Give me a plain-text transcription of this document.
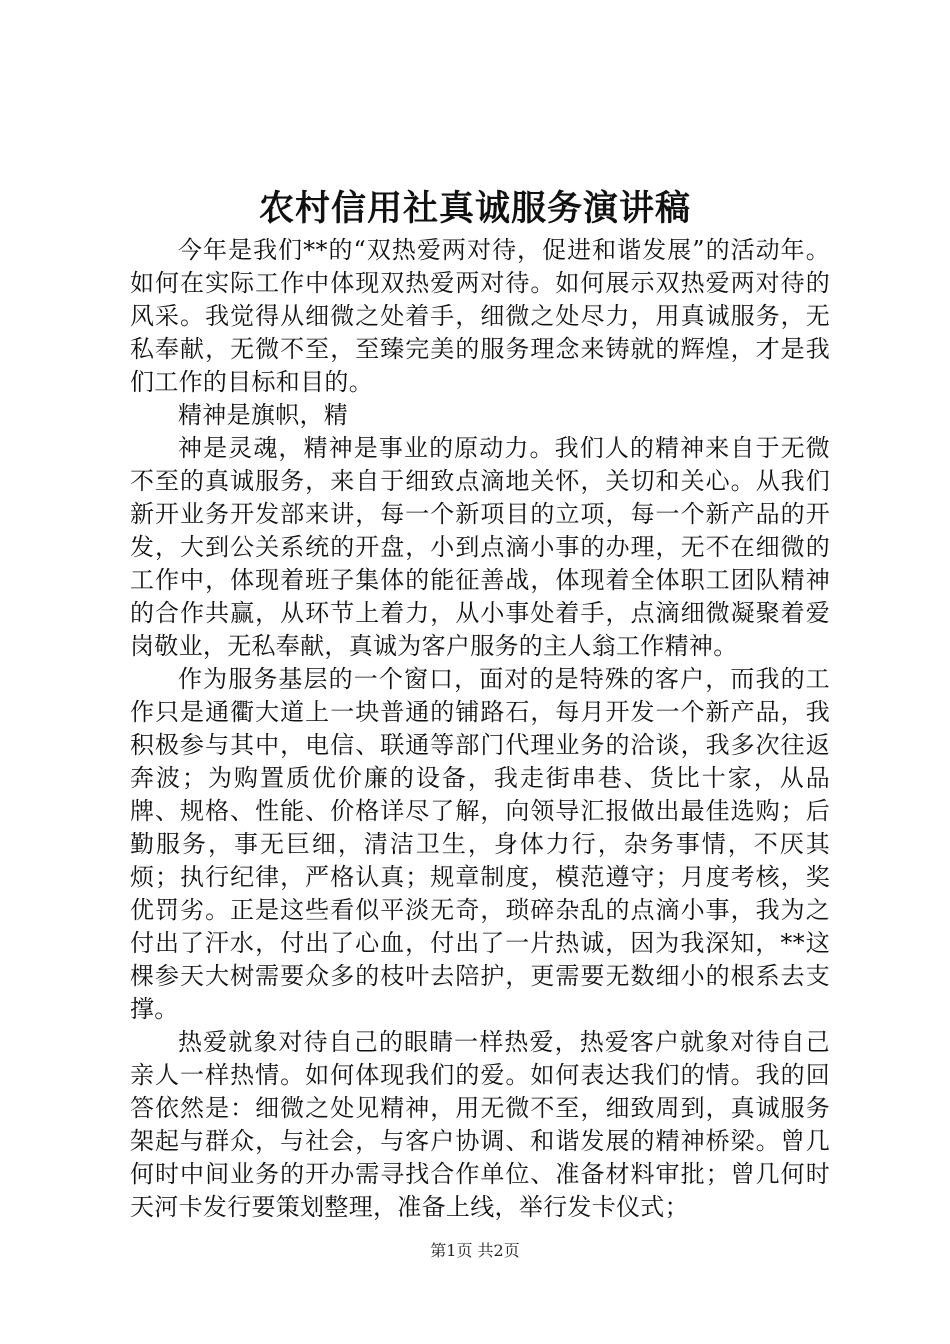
农村信用社真诚服务演讲稿

今年是我们**的“双热爱两对待，促进和谐发展”的活动年。如何在实际工作中体现双热爱两对待。如何展示双热爱两对待的风采。我觉得从细微之处着手，细微之处尽力，用真诚服务，无私奉献，无微不至，至臻完美的服务理念来铸就的辉煌，才是我们工作的目标和目的。

精神是旗帜，精

神是灵魂，精神是事业的原动力。我们人的精神来自于无微不至的真诚服务，来自于细致点滴地关怀，关切和关心。从我们新开业务开发部来讲，每一个新项目的立项，每一个新产品的开发，大到公关系统的开盘，小到点滴小事的办理，无不在细微的工作中，体现着班子集体的能征善战，体现着全体职工团队精神的合作共赢，从环节上着力，从小事处着手，点滴细微凝聚着爱岗敬业，无私奉献，真诚为客户服务的主人翁工作精神。

作为服务基层的一个窗口，面对的是特殊的客户，而我的工作只是通衢大道上一块普通的铺路石，每月开发一个新产品，我积极参与其中，电信、联通等部门代理业务的洽谈，我多次往返奔波；为购置质优价廉的设备，我走街串巷、货比十家，从品牌、规格、性能、价格详尽了解，向领导汇报做出最佳选购；后勤服务，事无巨细，清洁卫生，身体力行，杂务事情，不厌其烦；执行纪律，严格认真；规章制度，模范遵守；月度考核，奖优罚劣。正是这些看似平淡无奇，琐碎杂乱的点滴小事，我为之付出了汗水，付出了心血，付出了一片热诚，因为我深知，**这棵参天大树需要众多的枝叶去陪护，更需要无数细小的根系去支撑。

热爱就象对待自己的眼睛一样热爱，热爱客户就象对待自己亲人一样热情。如何体现我们的爱。如何表达我们的情。我的回答依然是：细微之处见精神，用无微不至，细致周到，真诚服务架起与群众，与社会，与客户协调、和谐发展的精神桥梁。曾几何时中间业务的开办需寻找合作单位、准备材料审批；曾几何时天河卡发行要策划整理，准备上线，举行发卡仪式；

第1页 共2页
